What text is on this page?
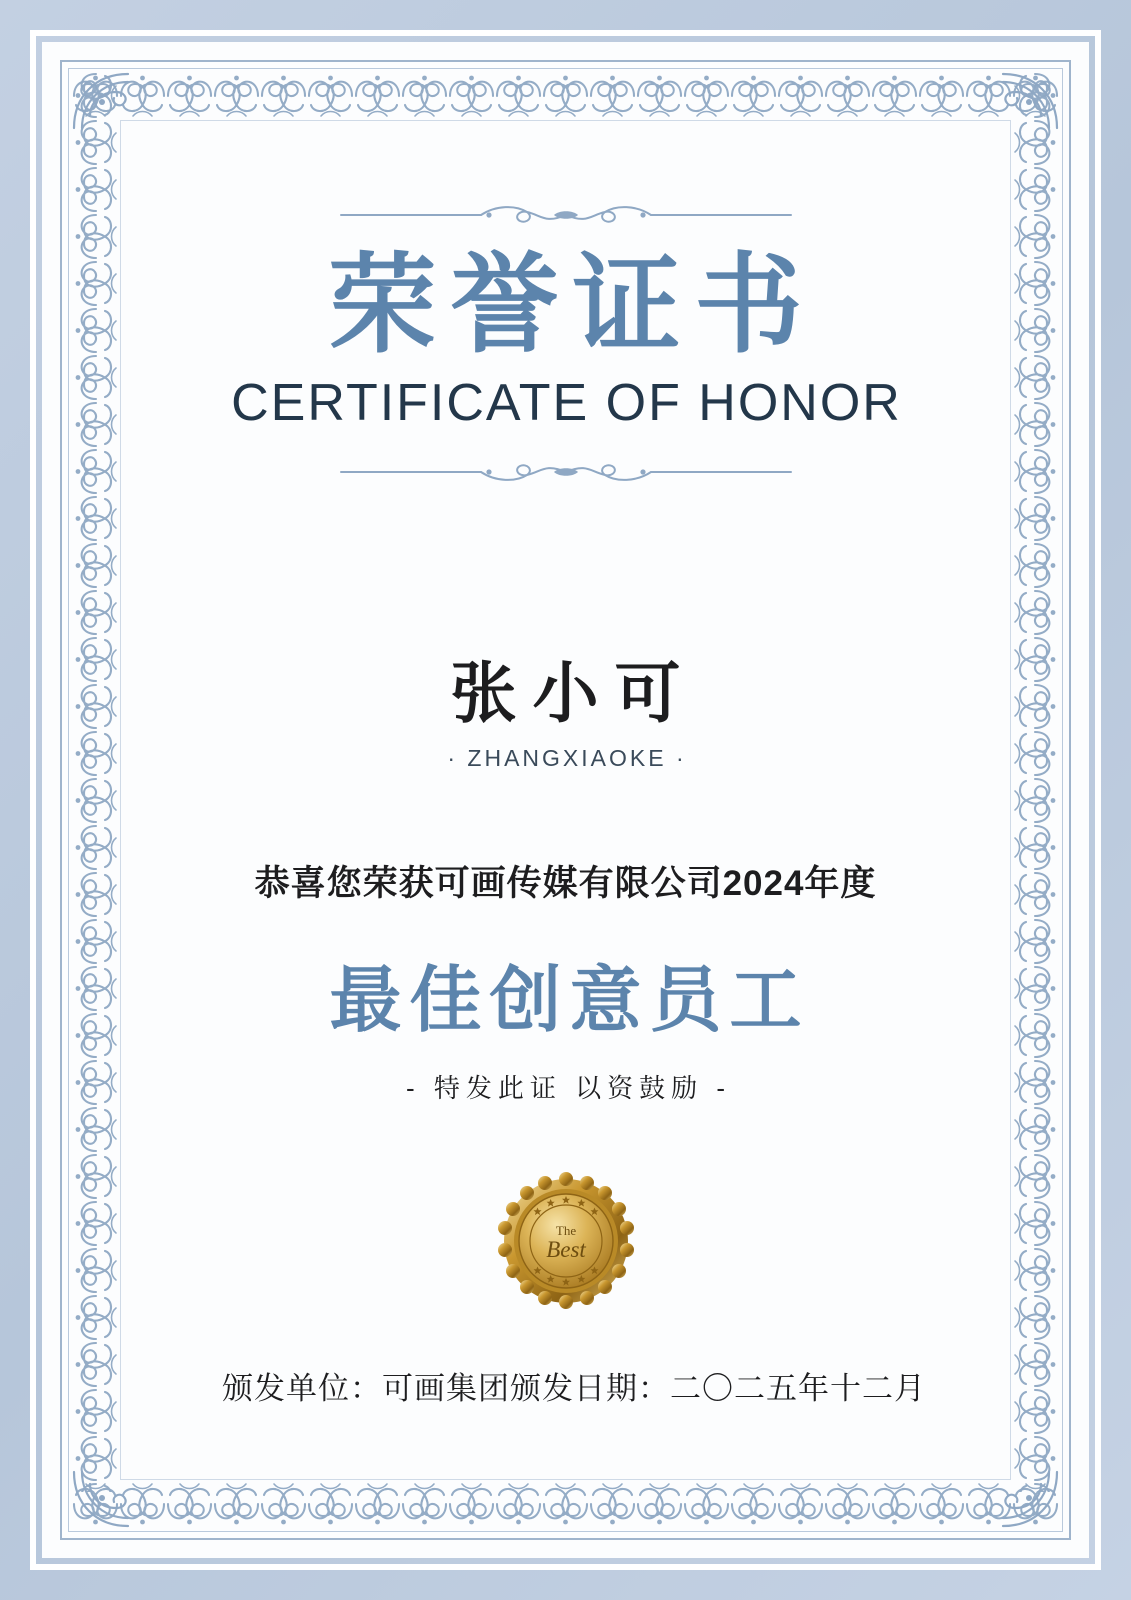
荣誉证书
CERTIFICATE OF HONOR
张小可
· ZHANGXIAOKE ·
恭喜您荣获可画传媒有限公司2024年度
最佳创意员工
- 特发此证 以资鼓励 -
The
Best
颁发单位：可画集团 颁发日期：二〇二五年十二月
